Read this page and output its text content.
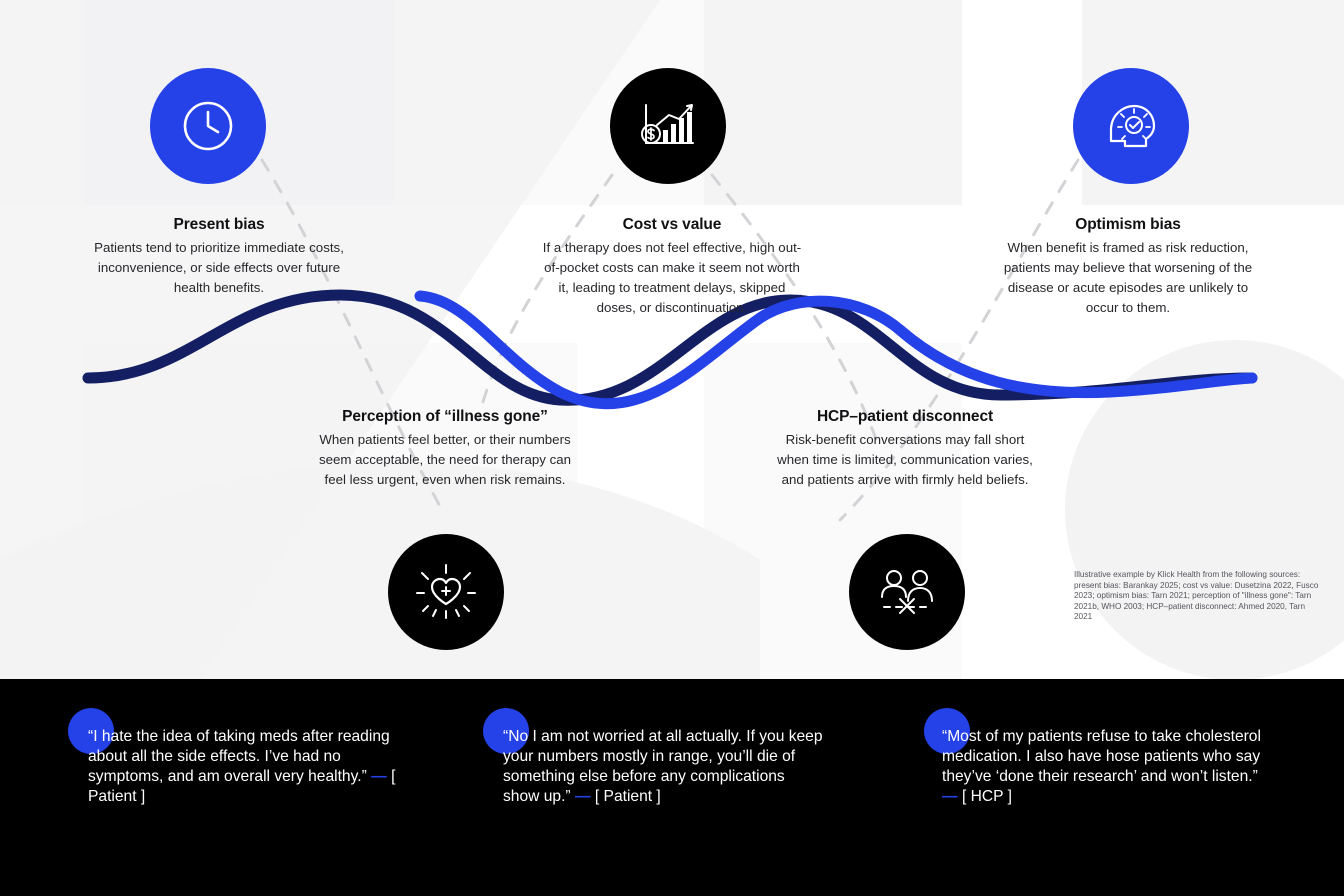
Present bias
Patients tend to prioritize immediate costs, inconvenience, or side effects over future health benefits.
Cost vs value
If a therapy does not feel effective, high out-of-pocket costs can make it seem not worth it, leading to treatment delays, skipped doses, or discontinuation.
Optimism bias
When benefit is framed as risk reduction, patients may believe that worsening of the disease or acute episodes are unlikely to occur to them.
Perception of “illness gone”
When patients feel better, or their numbers seem acceptable, the need for therapy can feel less urgent, even when risk remains.
HCP–patient disconnect
Risk-benefit conversations may fall short when time is limited, communication varies, and patients arrive with firmly held beliefs.
Illustrative example by Klick Health from the following sources: present bias: Barankay 2025; cost vs value: Dusetzina 2022, Fusco 2023; optimism bias: Tarn 2021; perception of "illness gone": Tarn 2021b, WHO 2003; HCP–patient disconnect: Ahmed 2020, Tarn 2021
“I hate the idea of taking meds after reading about all the side effects. I’ve had no symptoms, and am overall very healthy.” — [ Patient ]
“No I am not worried at all actually. If you keep your numbers mostly in range, you’ll die of something else before any complications show up.” — [ Patient ]
“Most of my patients refuse to take cholesterol medication. I also have hose patients who say they’ve ‘done their research’ and won’t listen.” — [ HCP ]
